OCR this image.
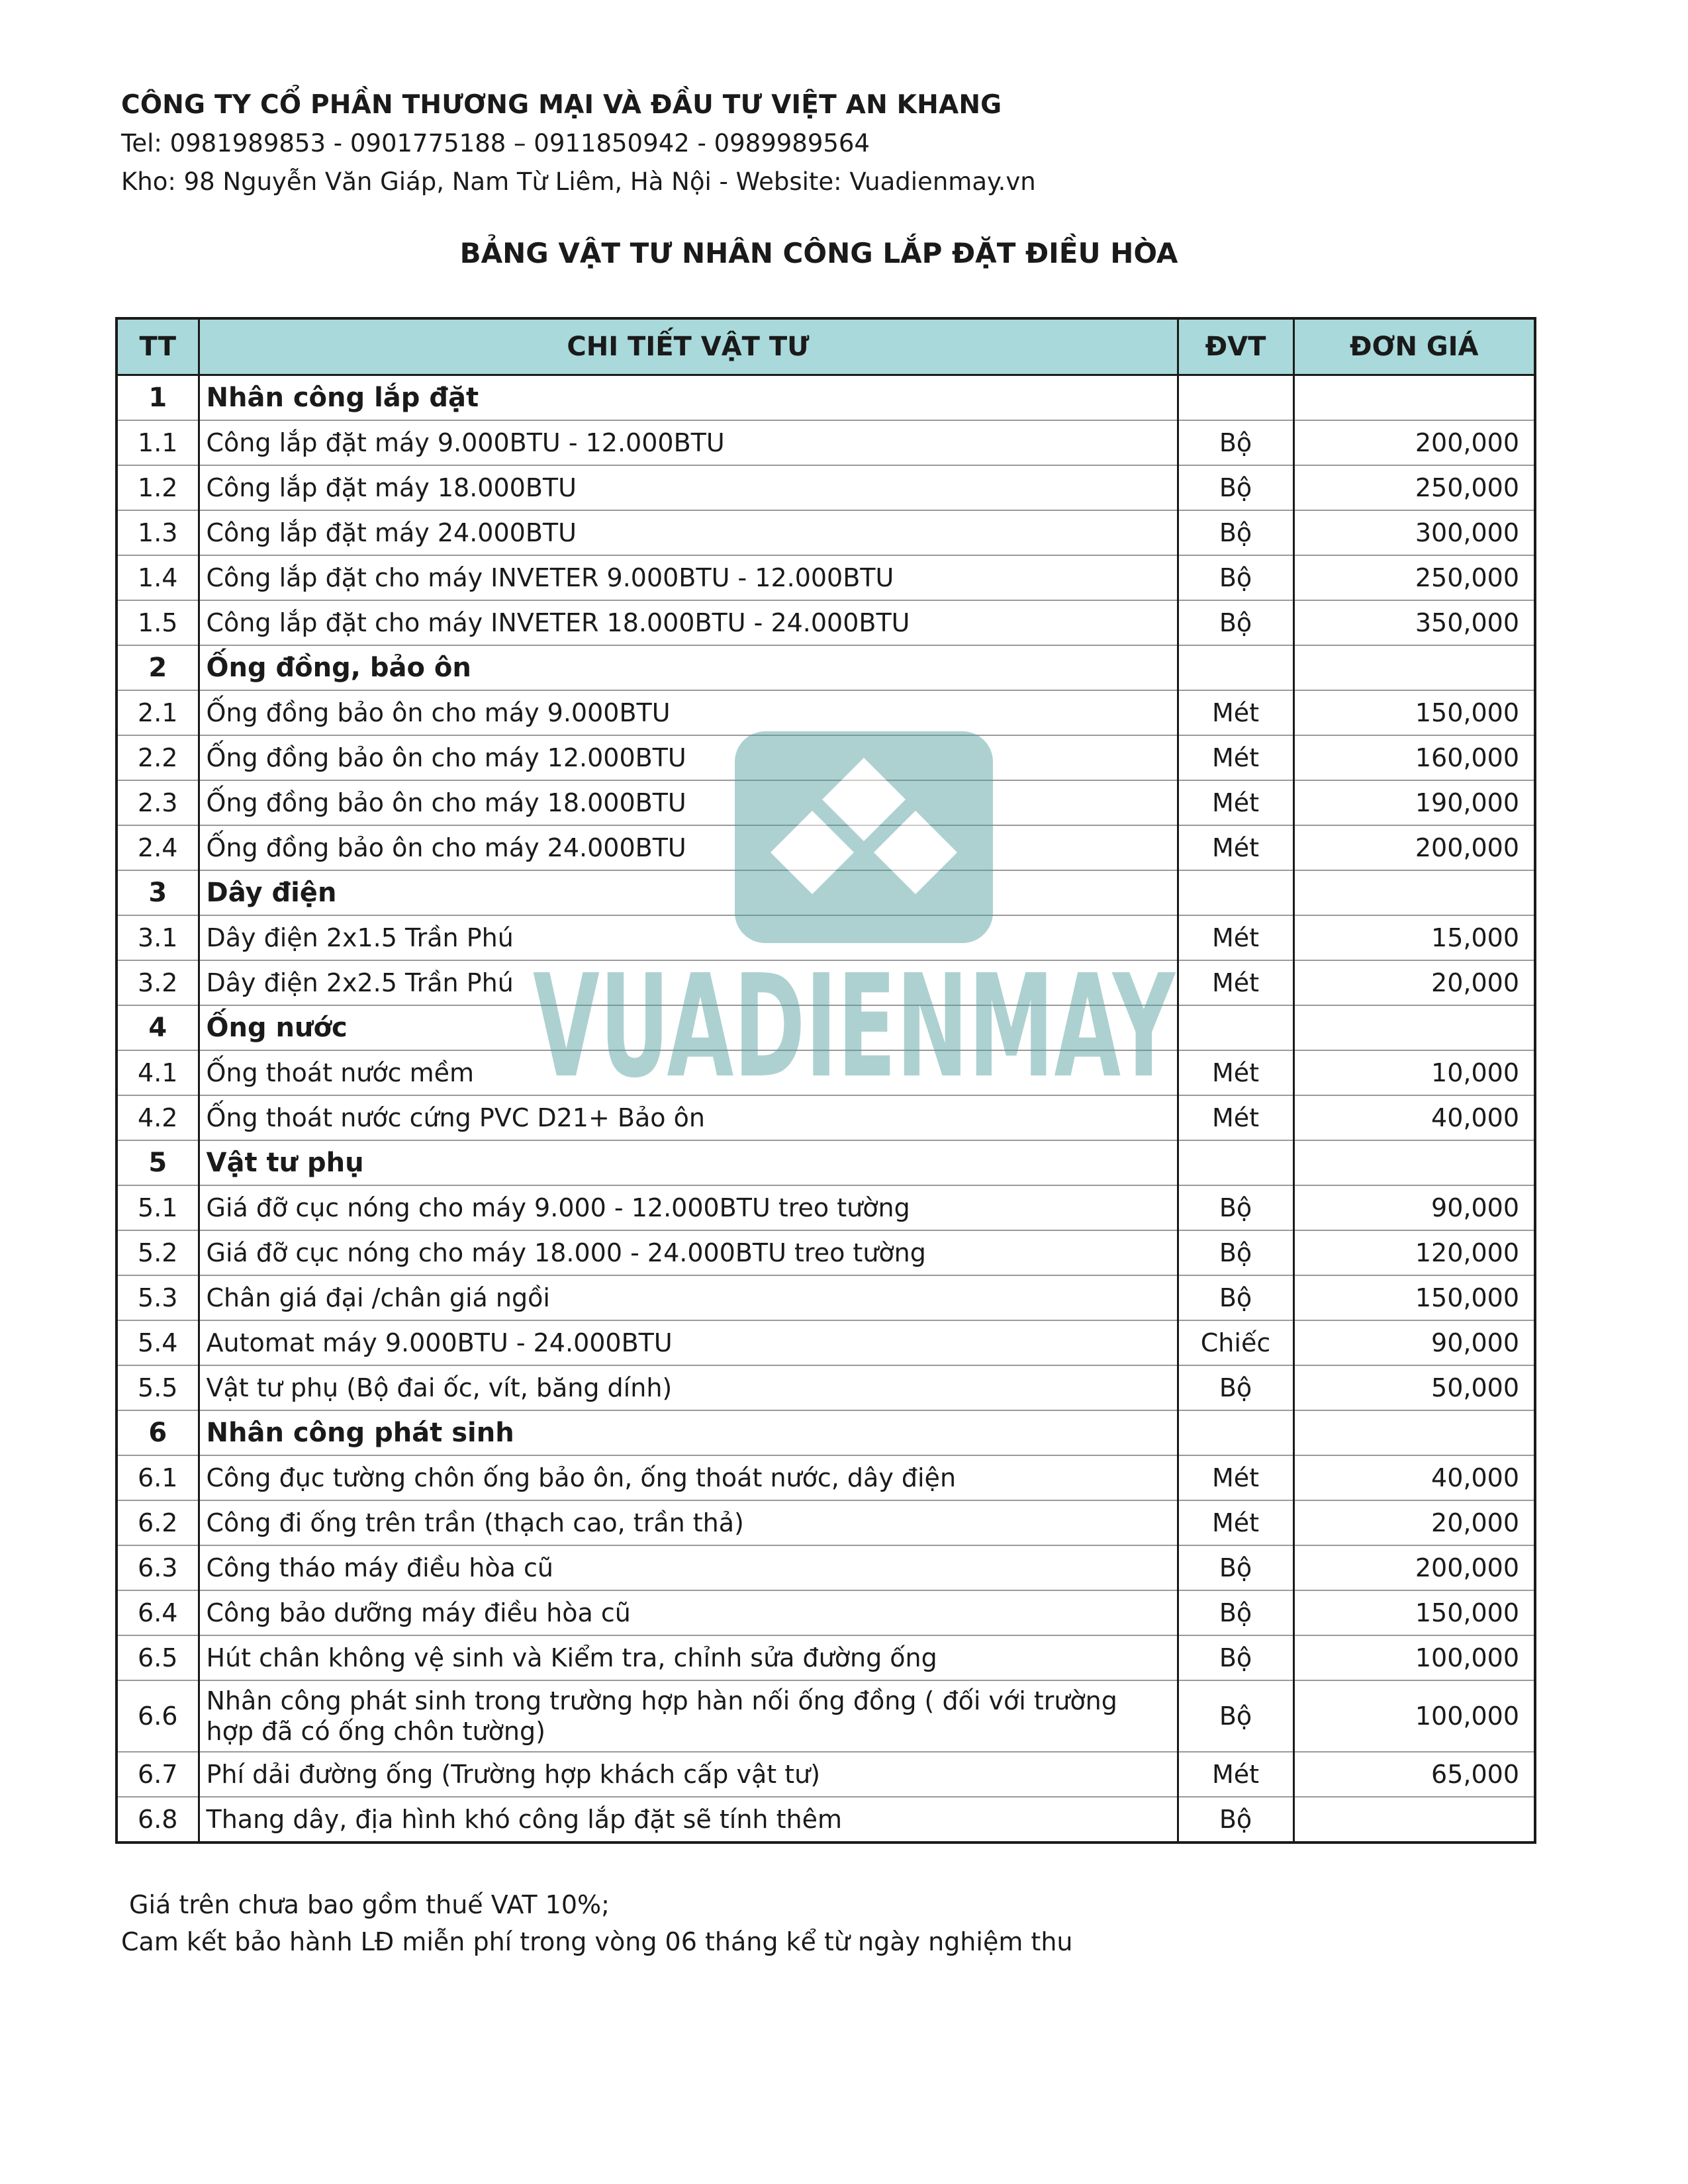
CÔNG TY CỔ PHẦN THƯƠNG MẠI VÀ ĐẦU TƯ VIỆT AN KHANG
Tel: 0981989853 - 0901775188 – 0911850942 - 0989989564
Kho: 98 Nguyễn Văn Giáp, Nam Từ Liêm, Hà Nội - Website: Vuadienmay.vn
BẢNG VẬT TƯ NHÂN CÔNG LẮP ĐẶT ĐIỀU HÒA
TT	CHI TIẾT VẬT TƯ	ĐVT	ĐƠN GIÁ
1	Nhân công lắp đặt		
1.1	Công lắp đặt máy 9.000BTU - 12.000BTU	Bộ	200,000
1.2	Công lắp đặt máy 18.000BTU	Bộ	250,000
1.3	Công lắp đặt máy 24.000BTU	Bộ	300,000
1.4	Công lắp đặt cho máy INVETER 9.000BTU - 12.000BTU	Bộ	250,000
1.5	Công lắp đặt cho máy INVETER 18.000BTU - 24.000BTU	Bộ	350,000
2	Ống đồng, bảo ôn		
2.1	Ống đồng bảo ôn cho máy 9.000BTU	Mét	150,000
2.2	Ống đồng bảo ôn cho máy 12.000BTU	Mét	160,000
2.3	Ống đồng bảo ôn cho máy 18.000BTU	Mét	190,000
2.4	Ống đồng bảo ôn cho máy 24.000BTU	Mét	200,000
3	Dây điện		
3.1	Dây điện 2x1.5 Trần Phú	Mét	15,000
3.2	Dây điện 2x2.5 Trần Phú	Mét	20,000
4	Ống nước		
4.1	Ống thoát nước mềm	Mét	10,000
4.2	Ống thoát nước cứng PVC D21+ Bảo ôn	Mét	40,000
5	Vật tư phụ		
5.1	Giá đỡ cục nóng cho máy 9.000 - 12.000BTU treo tường	Bộ	90,000
5.2	Giá đỡ cục nóng cho máy 18.000 - 24.000BTU treo tường	Bộ	120,000
5.3	Chân giá đại /chân giá ngồi	Bộ	150,000
5.4	Automat máy 9.000BTU - 24.000BTU	Chiếc	90,000
5.5	Vật tư phụ (Bộ đai ốc, vít, băng dính)	Bộ	50,000
6	Nhân công phát sinh		
6.1	Công đục tường chôn ống bảo ôn, ống thoát nước, dây điện	Mét	40,000
6.2	Công đi ống trên trần (thạch cao, trần thả)	Mét	20,000
6.3	Công tháo máy điều hòa cũ	Bộ	200,000
6.4	Công bảo dưỡng máy điều hòa cũ	Bộ	150,000
6.5	Hút chân không vệ sinh và Kiểm tra, chỉnh sửa đường ống	Bộ	100,000
6.6	Nhân công phát sinh trong trường hợp hàn nối ống đồng ( đối với trường hợp đã có ống chôn tường)	Bộ	100,000
6.7	Phí dải đường ống (Trường hợp khách cấp vật tư)	Mét	65,000
6.8	Thang dây, địa hình khó công lắp đặt sẽ tính thêm	Bộ	
VUADIENMAY
Giá trên chưa bao gồm thuế VAT 10%;
Cam kết bảo hành LĐ miễn phí trong vòng 06 tháng kể từ ngày nghiệm thu
